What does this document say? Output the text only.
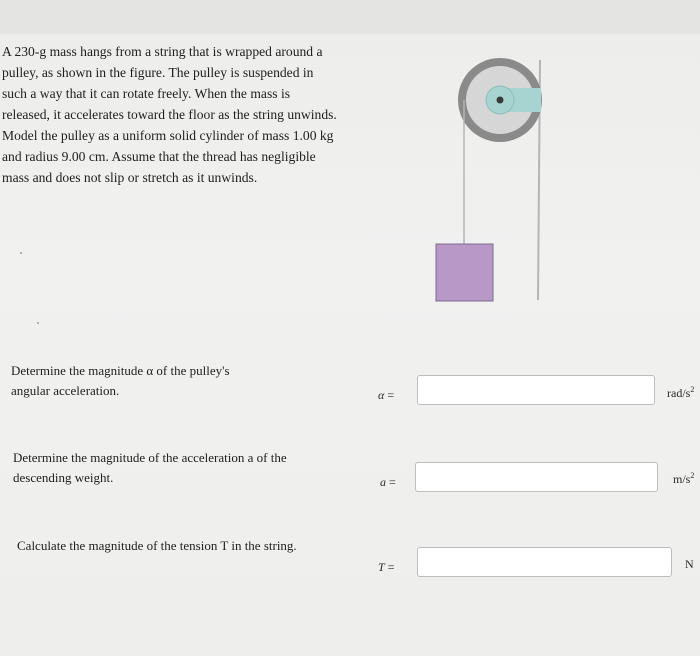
A 230-g mass hangs from a string that is wrapped around a
pulley, as shown in the figure. The pulley is suspended in
such a way that it can rotate freely. When the mass is
released, it accelerates toward the floor as the string unwinds.
Model the pulley as a uniform solid cylinder of mass 1.00 kg
and radius 9.00 cm. Assume that the thread has negligible
mass and does not slip or stretch as it unwinds.
Determine the magnitude α of the pulley's
angular acceleration.	α =	rad/$s^2$
Determine the magnitude of the acceleration a of the
descending weight.	a =	$m/s^2$
Calculate the magnitude of the tension T in the string.
T =	N
